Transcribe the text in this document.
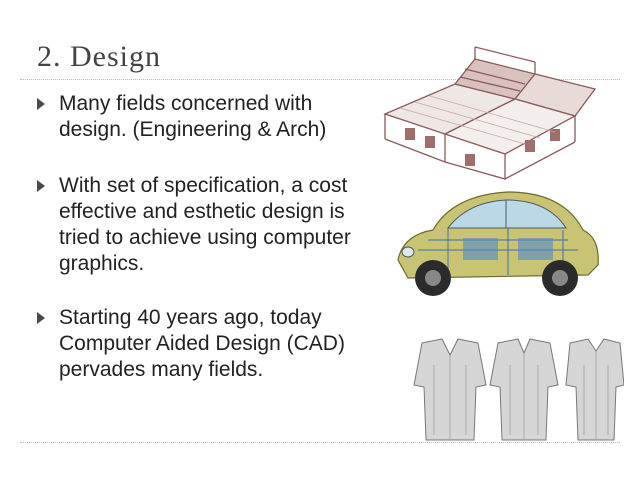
2. Design
Many fields concerned with design. (Engineering & Arch)
With set of specification, a cost effective and esthetic design is tried to achieve using computer graphics.
Starting 40 years ago, today Computer Aided Design (CAD) pervades many fields.
